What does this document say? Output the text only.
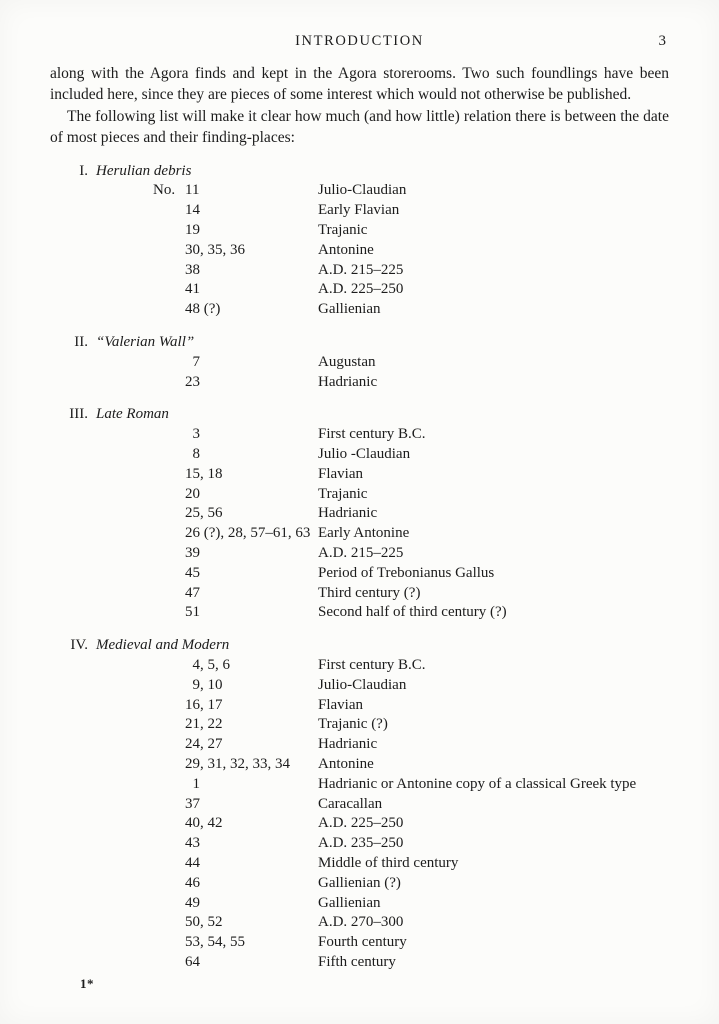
INTRODUCTION	3

along with the Agora finds and kept in the Agora storerooms. Two such foundlings have been included here, since they are pieces of some interest which would not otherwise be published.

The following list will make it clear how much (and how little) relation there is between the date of most pieces and their finding-places:

I. Herulian debris
No. 11	Julio-Claudian
14	Early Flavian
19	Trajanic
30, 35, 36	Antonine
38	A.D. 215–225
41	A.D. 225–250
48 (?)	Gallienian
II. “Valerian Wall”
7	Augustan
23	Hadrianic
III. Late Roman
3	First century B.C.
8	Julio -Claudian
15, 18	Flavian
20	Trajanic
25, 56	Hadrianic
26 (?), 28, 57–61, 63 Early Antonine
39	A.D. 215–225
45	Period of Trebonianus Gallus
47	Third century (?)
51	Second half of third century (?)
IV. Medieval and Modern
4, 5, 6	First century B.C.
9, 10	Julio-Claudian
16, 17	Flavian
21, 22	Trajanic (?)
24, 27	Hadrianic
29, 31, 32, 33, 34	Antonine
1	Hadrianic or Antonine copy of a classical Greek type
37	Caracallan
40, 42	A.D. 225–250
43	A.D. 235–250
44	Middle of third century
46	Gallienian (?)
49	Gallienian
50, 52	A.D. 270–300
53, 54, 55	Fourth century
64	Fifth century
1*
